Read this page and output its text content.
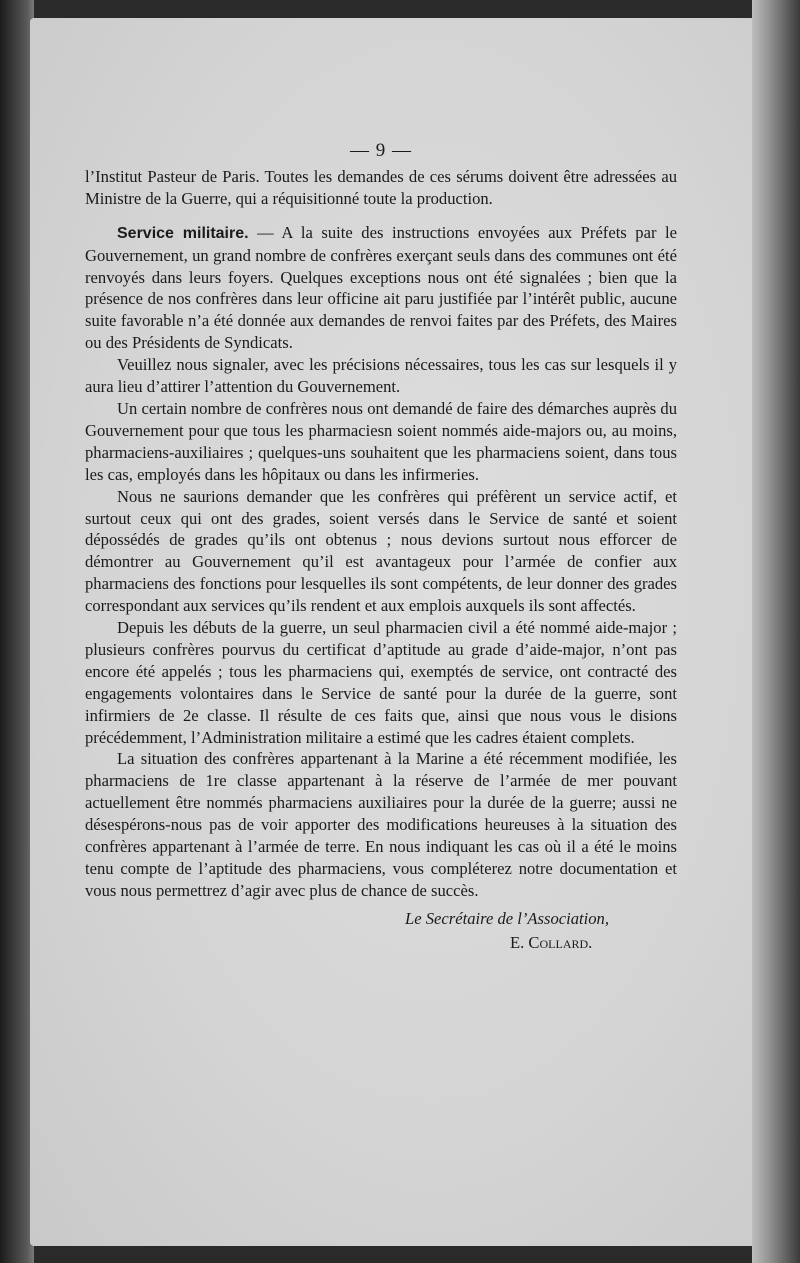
— 9 —

l’Institut Pasteur de Paris. Toutes les demandes de ces sérums doivent être adressées au Ministre de la Guerre, qui a réquisitionné toute la production.

Service militaire. — A la suite des instructions envoyées aux Préfets par le Gouvernement, un grand nombre de confrères exerçant seuls dans des communes ont été renvoyés dans leurs foyers. Quelques exceptions nous ont été signalées ; bien que la présence de nos confrères dans leur officine ait paru justifiée par l’intérêt public, aucune suite favorable n’a été donnée aux demandes de renvoi faites par des Préfets, des Maires ou des Présidents de Syndicats.

Veuillez nous signaler, avec les précisions nécessaires, tous les cas sur lesquels il y aura lieu d’attirer l’attention du Gouvernement.

Un certain nombre de confrères nous ont demandé de faire des démarches auprès du Gouvernement pour que tous les pharmaciesn soient nommés aide-majors ou, au moins, pharmaciens-auxiliaires ; quelques-uns souhaitent que les pharmaciens soient, dans tous les cas, employés dans les hôpitaux ou dans les infirmeries.

Nous ne saurions demander que les confrères qui préfèrent un service actif, et surtout ceux qui ont des grades, soient versés dans le Service de santé et soient dépossédés de grades qu’ils ont obtenus ; nous devions surtout nous efforcer de démontrer au Gouvernement qu’il est avantageux pour l’armée de confier aux pharmaciens des fonctions pour lesquelles ils sont compétents, de leur donner des grades correspondant aux services qu’ils rendent et aux emplois auxquels ils sont affectés.

Depuis les débuts de la guerre, un seul pharmacien civil a été nommé aide-major ; plusieurs confrères pourvus du certificat d’aptitude au grade d’aide-major, n’ont pas encore été appelés ; tous les pharmaciens qui, exemptés de service, ont contracté des engagements volontaires dans le Service de santé pour la durée de la guerre, sont infirmiers de 2e classe. Il résulte de ces faits que, ainsi que nous vous le disions précédemment, l’Administration militaire a estimé que les cadres étaient complets.

La situation des confrères appartenant à la Marine a été récemment modifiée, les pharmaciens de 1re classe appartenant à la réserve de l’armée de mer pouvant actuellement être nommés pharmaciens auxiliaires pour la durée de la guerre; aussi ne désespérons-nous pas de voir apporter des modifications heureuses à la situation des confrères appartenant à l’armée de terre. En nous indiquant les cas où il a été le moins tenu compte de l’aptitude des pharmaciens, vous compléterez notre documentation et vous nous permettrez d’agir avec plus de chance de succès.

Le Secrétaire de l’Association,

E. Collard.
